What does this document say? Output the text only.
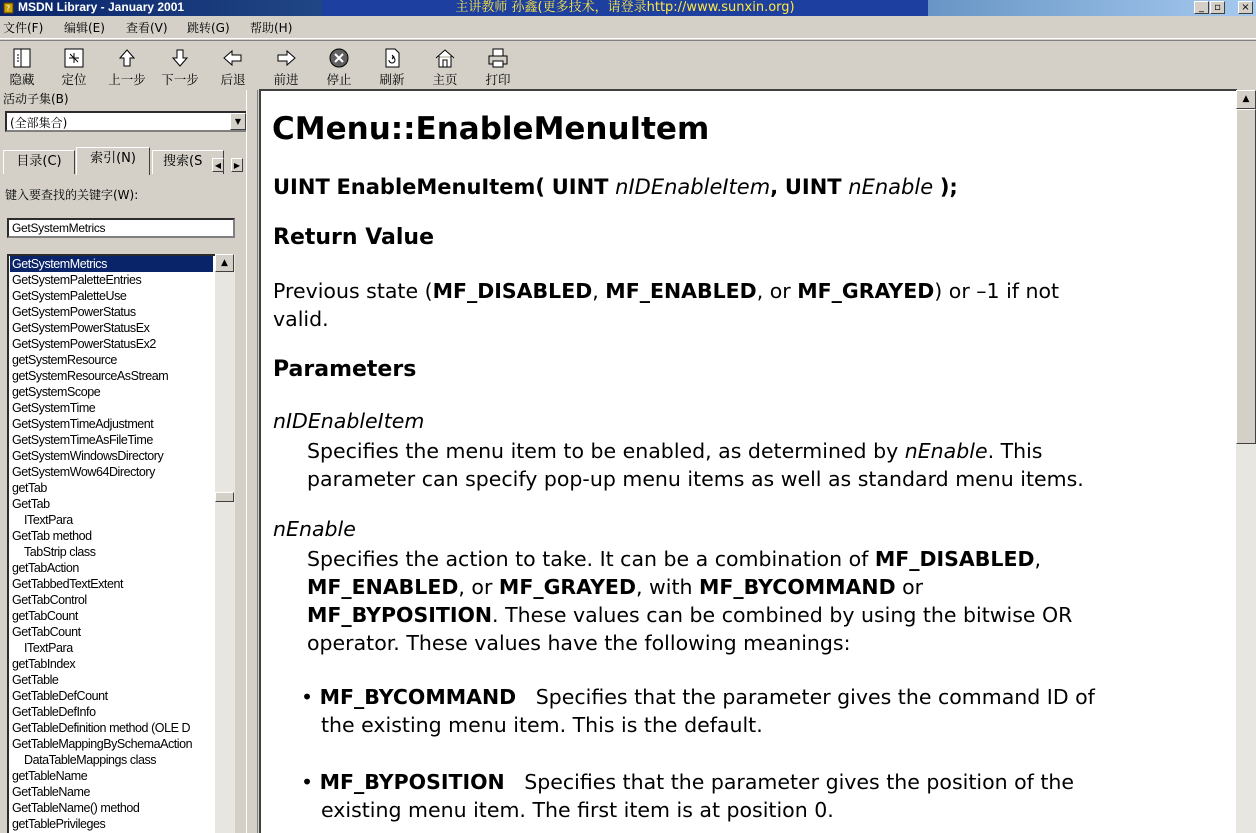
? MSDN Library - January 2001	主讲教师 孙鑫(更多技术，请登录http://www.sunxin.org)	_	▫	×
文件(F) 编辑(E) 查看(V) 跳转(G) 帮助(H)
隐藏	定位	上一步 下一步	后退	前进	停止	刷新	主页	打印
活动子集(B)
(全部集合)	▼
目录(C)	索引(N)	搜索(S	◀	▶
键入要查找的关键字(W):
GetSystemMetrics
GetSystemMetrics
GetSystemPaletteEntries
GetSystemPaletteUse
GetSystemPowerStatus
GetSystemPowerStatusEx
GetSystemPowerStatusEx2
getSystemResource
getSystemResourceAsStream
getSystemScope
GetSystemTime
GetSystemTimeAdjustment
GetSystemTimeAsFileTime
GetSystemWindowsDirectory
GetSystemWow64Directory
getTab
GetTab
ITextPara
GetTab method
TabStrip class
getTabAction
GetTabbedTextExtent
GetTabControl
getTabCount
GetTabCount
ITextPara
getTabIndex
GetTable
GetTableDefCount
GetTableDefInfo
GetTableDefinition method (OLE D
GetTableMappingBySchemaAction
DataTableMappings class
getTableName
GetTableName
GetTableName() method
getTablePrivileges
▲
CMenu::EnableMenuItem
UINT EnableMenuItem( UINT nIDEnableItem, UINT nEnable );
Return Value
Previous state (MF_DISABLED, MF_ENABLED, or MF_GRAYED) or –1 if not
valid.
Parameters
nIDEnableItem
Specifies the menu item to be enabled, as determined by nEnable. This
parameter can specify pop-up menu items as well as standard menu items.
nEnable
Specifies the action to take. It can be a combination of MF_DISABLED,
MF_ENABLED, or MF_GRAYED, with MF_BYCOMMAND or
MF_BYPOSITION. These values can be combined by using the bitwise OR
operator. These values have the following meanings:
• MF_BYCOMMAND Specifies that the parameter gives the command ID of
the existing menu item. This is the default.
• MF_BYPOSITION Specifies that the parameter gives the position of the
existing menu item. The first item is at position 0.
▲
